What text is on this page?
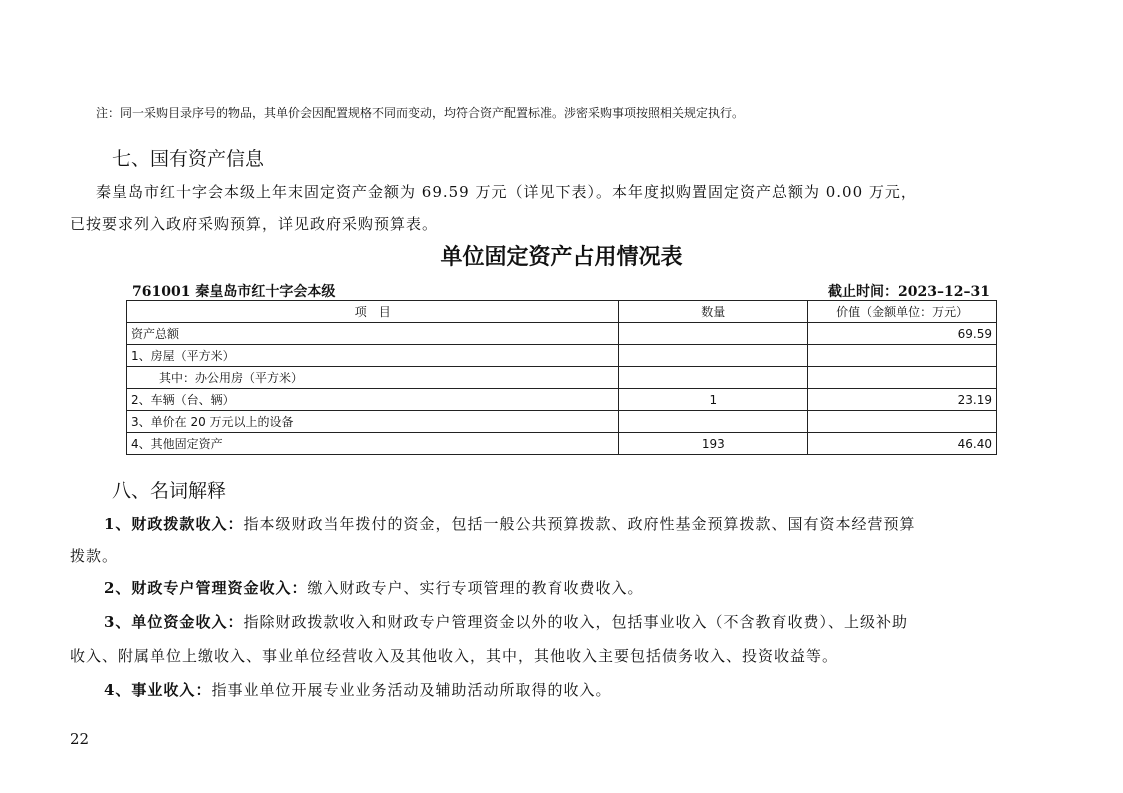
注：同一采购目录序号的物品，其单价会因配置规格不同而变动，均符合资产配置标准。涉密采购事项按照相关规定执行。
七、国有资产信息
秦皇岛市红十字会本级上年末固定资产金额为 69.59 万元（详见下表）。本年度拟购置固定资产总额为 0.00 万元，
已按要求列入政府采购预算，详见政府采购预算表。
单位固定资产占用情况表
761001 秦皇岛市红十字会本级	截止时间：2023–12–31
项　目	数量	价值（金额单位：万元）
资产总额		69.59
1、房屋（平方米）		
其中：办公用房（平方米）		
2、车辆（台、辆）	1	23.19
3、单价在 20 万元以上的设备		
4、其他固定资产	193	46.40
八、名词解释
1、财政拨款收入：指本级财政当年拨付的资金，包括一般公共预算拨款、政府性基金预算拨款、国有资本经营预算
拨款。
2、财政专户管理资金收入：缴入财政专户、实行专项管理的教育收费收入。
3、单位资金收入：指除财政拨款收入和财政专户管理资金以外的收入，包括事业收入（不含教育收费）、上级补助
收入、附属单位上缴收入、事业单位经营收入及其他收入，其中，其他收入主要包括债务收入、投资收益等。
4、事业收入：指事业单位开展专业业务活动及辅助活动所取得的收入。
22
